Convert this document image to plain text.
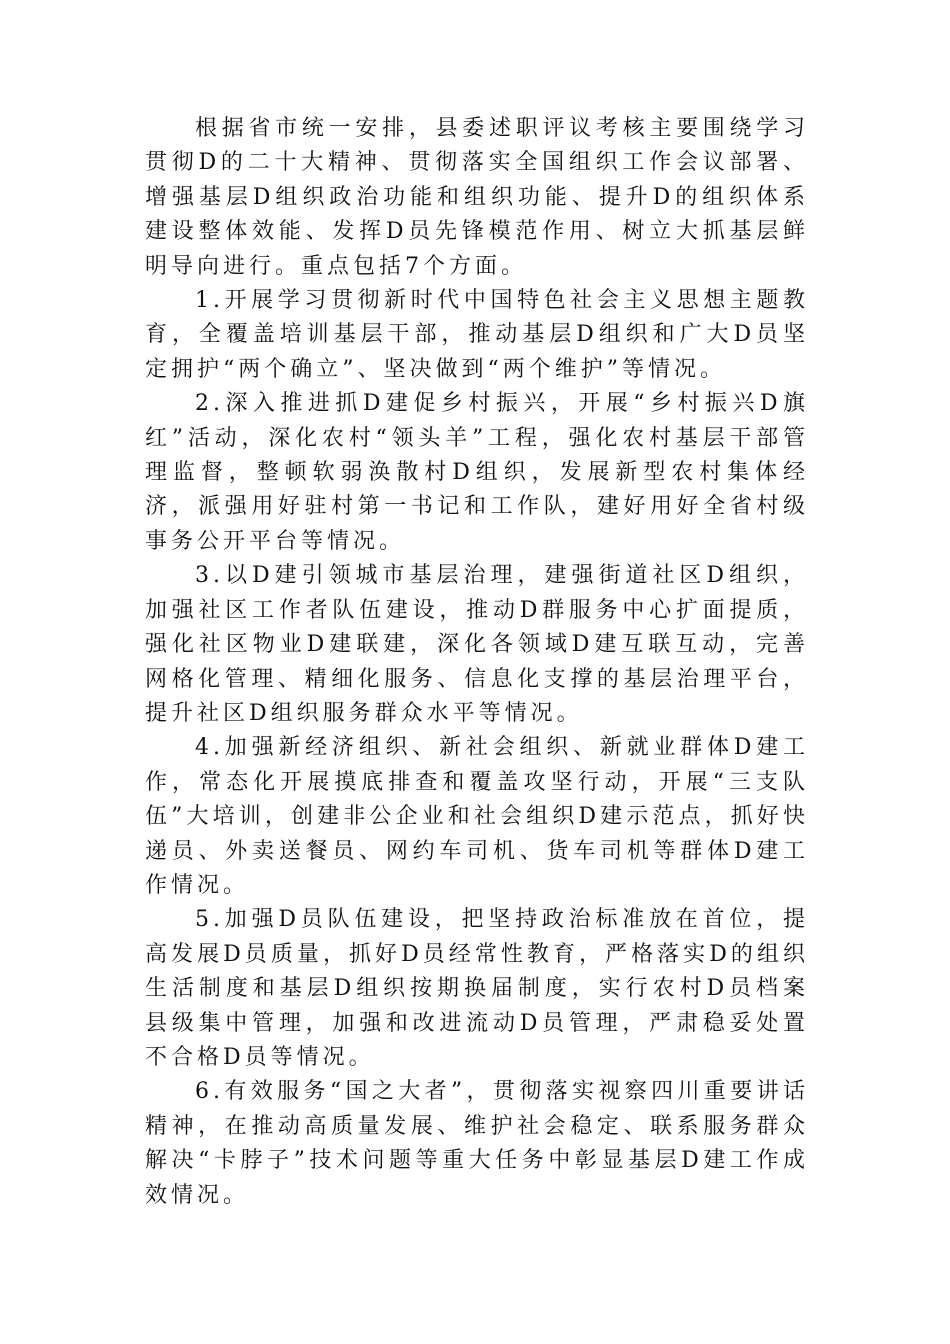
根据省市统一安排，县委述职评议考核主要围绕学习贯彻D的二十大精神、贯彻落实全国组织工作会议部署、增强基层D组织政治功能和组织功能、提升D的组织体系建设整体效能、发挥D员先锋模范作用、树立大抓基层鲜明导向进行。重点包括7个方面。

1.开展学习贯彻新时代中国特色社会主义思想主题教育，全覆盖培训基层干部，推动基层D组织和广大D员坚定拥护“两个确立”、坚决做到“两个维护”等情况。

2.深入推进抓D建促乡村振兴，开展“乡村振兴D旗红”活动，深化农村“领头羊”工程，强化农村基层干部管理监督，整顿软弱涣散村D组织，发展新型农村集体经济，派强用好驻村第一书记和工作队，建好用好全省村级事务公开平台等情况。

3.以D建引领城市基层治理，建强街道社区D组织，加强社区工作者队伍建设，推动D群服务中心扩面提质，强化社区物业D建联建，深化各领域D建互联互动，完善网格化管理、精细化服务、信息化支撑的基层治理平台，提升社区D组织服务群众水平等情况。

4.加强新经济组织、新社会组织、新就业群体D建工作，常态化开展摸底排查和覆盖攻坚行动，开展“三支队伍”大培训，创建非公企业和社会组织D建示范点，抓好快递员、外卖送餐员、网约车司机、货车司机等群体D建工作情况。

5.加强D员队伍建设，把坚持政治标准放在首位，提高发展D员质量，抓好D员经常性教育，严格落实D的组织生活制度和基层D组织按期换届制度，实行农村D员档案县级集中管理，加强和改进流动D员管理，严肃稳妥处置不合格D员等情况。

6.有效服务“国之大者”，贯彻落实视察四川重要讲话精神，在推动高质量发展、维护社会稳定、联系服务群众解决“卡脖子”技术问题等重大任务中彰显基层D建工作成效情况。
